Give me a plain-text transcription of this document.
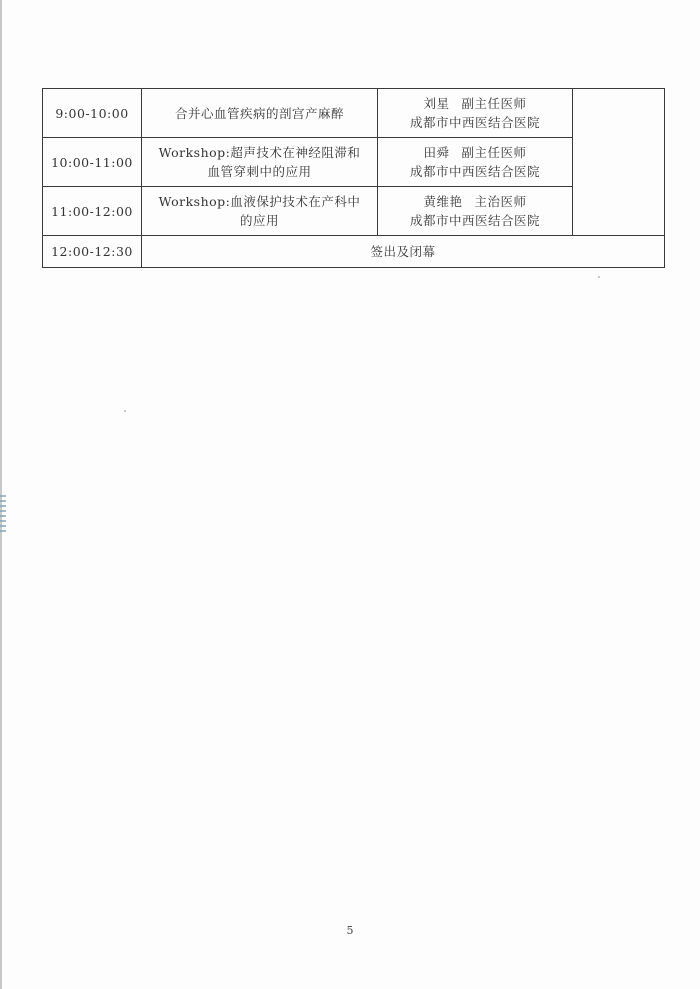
9:00-10:00	合并心血管疾病的剖宫产麻醉	刘星 副主任医师
成都市中西医结合医院	

10:00-11:00	Workshop:超声技术在神经阻滞和
血管穿刺中的应用	田舜 副主任医师
成都市中西医结合医院	

11:00-12:00	Workshop:血液保护技术在产科中
的应用	黄维艳 主治医师
成都市中西医结合医院	

12:00-12:30	签出及闭幕		
5
